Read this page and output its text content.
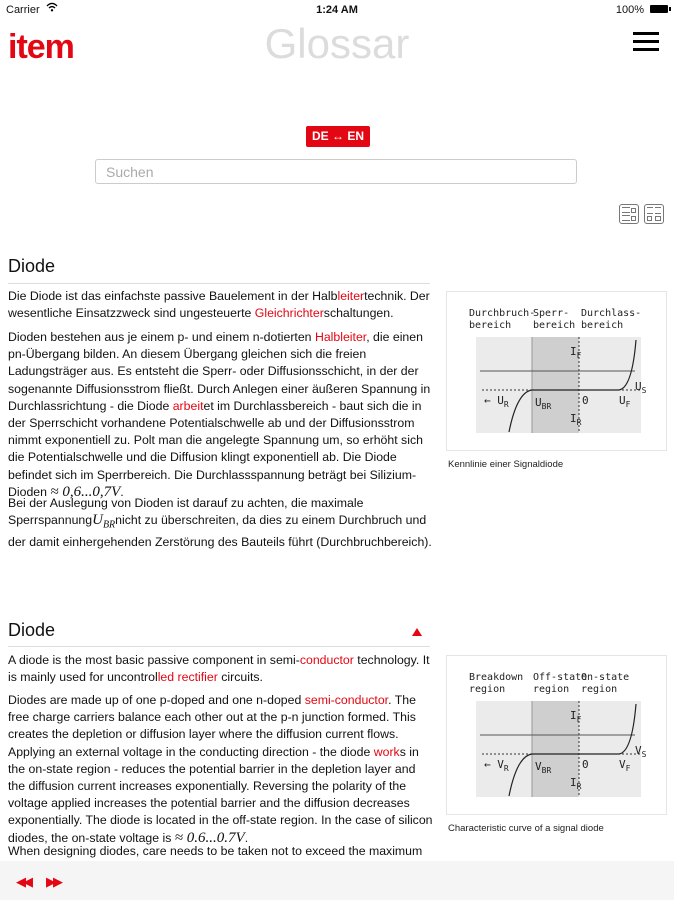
Carrier	1:24 AM	100%
item	Glossar
DE ↔ EN
Suchen
Diode

Die Diode ist das einfachste passive Bauelement in der Halbleitertechnik. Der wesentliche Einsatzzweck sind ungesteuerte Gleichrichterschaltungen.

Dioden bestehen aus je einem p- und einem n-dotierten Halbleiter, die einen pn-Übergang bilden. An diesem Übergang gleichen sich die freien Ladungsträger aus. Es entsteht die Sperr- oder Diffusionsschicht, in der der sogenannte Diffusionsstrom fließt. Durch Anlegen einer äußeren Spannung in Durchlassrichtung - die Diode arbeitet im Durchlassbereich - baut sich die in der Sperrschicht vorhandene Potentialschwelle ab und der Diffusionsstrom nimmt exponentiell zu. Polt man die angelegte Spannung um, so erhöht sich die Potentialschwelle und die Diffusion klingt exponentiell ab. Die Diode befindet sich im Sperrbereich. Die Durchlassspannung beträgt bei Silizium-Dioden ≈ 0,6...0,7V.

Bei der Auslegung von Dioden ist darauf zu achten, die maximale SperrspannungU$_{BR}$nicht zu überschreiten, da dies zu einem Durchbruch und der damit einhergehenden Zerstörung des Bauteils führt (Durchbruchbereich).

Durchbruch-
bereich
Sperr-
bereich
Durchlass-
bereich
$I_F$
$I_R$
← $U_R$ $U_{BR}$	0	$U_F$
$U_S$
Kennlinie einer Signaldiode
Diode

A diode is the most basic passive component in semi-conductor technology. It is mainly used for uncontrolled rectifier circuits.

Diodes are made up of one p-doped and one n-doped semi-conductor. The free charge carriers balance each other out at the p-n junction formed. This creates the depletion or diffusion layer where the diffusion current flows. Applying an external voltage in the conducting direction - the diode works in the on-state region - reduces the potential barrier in the depletion layer and the diffusion current increases exponentially. Reversing the polarity of the voltage applied increases the potential barrier and the diffusion decreases exponentially. The diode is located in the off-state region. In the case of silicon diodes, the on-state voltage is ≈ 0.6...0.7V.

When designing diodes, care needs to be taken not to exceed the maximum

Breakdown
region
Off-state
region
On-state
region
$I_F$
$I_R$
← $V_R$ $V_{BR}$	0	$V_F$
$V_S$
Characteristic curve of a signal diode
◀◀ ▶▶
